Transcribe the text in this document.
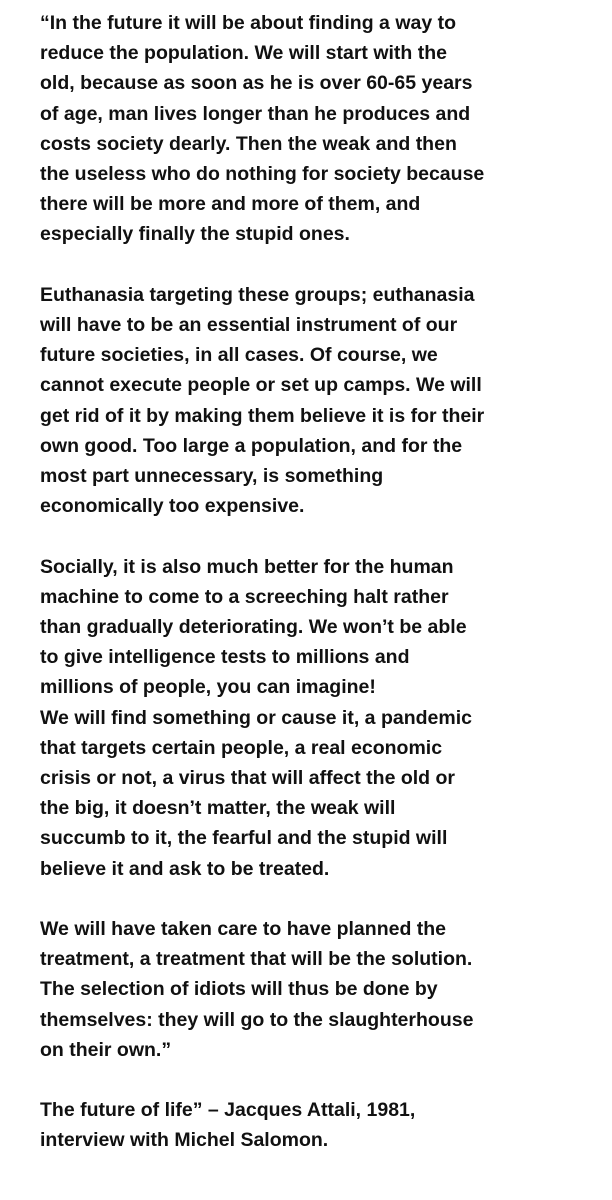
“In the future it will be about finding a way to
reduce the population. We will start with the
old, because as soon as he is over 60-65 years
of age, man lives longer than he produces and
costs society dearly. Then the weak and then
the useless who do nothing for society because
there will be more and more of them, and
especially finally the stupid ones.
Euthanasia targeting these groups; euthanasia
will have to be an essential instrument of our
future societies, in all cases. Of course, we
cannot execute people or set up camps. We will
get rid of it by making them believe it is for their
own good. Too large a population, and for the
most part unnecessary, is something
economically too expensive.
Socially, it is also much better for the human
machine to come to a screeching halt rather
than gradually deteriorating. We won’t be able
to give intelligence tests to millions and
millions of people, you can imagine!
We will find something or cause it, a pandemic
that targets certain people, a real economic
crisis or not, a virus that will affect the old or
the big, it doesn’t matter, the weak will
succumb to it, the fearful and the stupid will
believe it and ask to be treated.
We will have taken care to have planned the
treatment, a treatment that will be the solution.
The selection of idiots will thus be done by
themselves: they will go to the slaughterhouse
on their own.”
The future of life” – Jacques Attali, 1981,
interview with Michel Salomon.
